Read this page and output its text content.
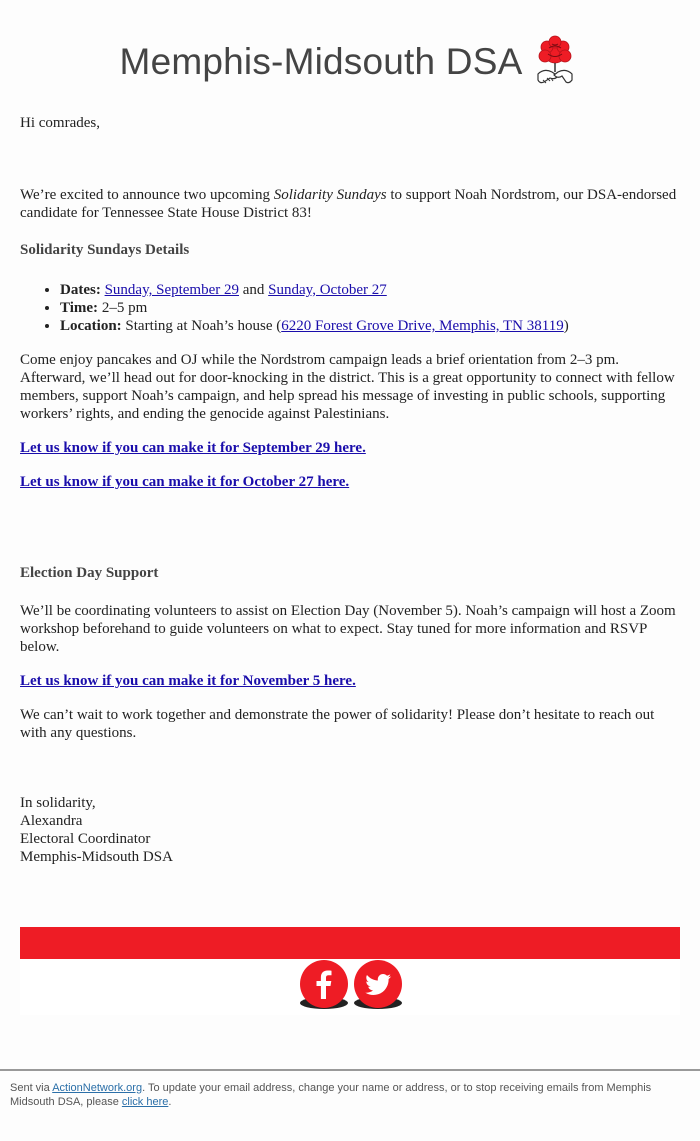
Memphis-Midsouth DSA

Hi comrades,

We’re excited to announce two upcoming Solidarity Sundays to support Noah Nordstrom, our DSA-endorsed candidate for Tennessee State House District 83!

Solidarity Sundays Details
• Dates: Sunday, September 29 and Sunday, October 27
• Time: 2–5 pm
• Location: Starting at Noah’s house (6220 Forest Grove Drive, Memphis, TN 38119)

Come enjoy pancakes and OJ while the Nordstrom campaign leads a brief orientation from 2–3 pm. Afterward, we’ll head out for door-knocking in the district. This is a great opportunity to connect with fellow members, support Noah’s campaign, and help spread his message of investing in public schools, supporting workers’ rights, and ending the genocide against Palestinians.

Let us know if you can make it for September 29 here.

Let us know if you can make it for October 27 here.

Election Day Support

We’ll be coordinating volunteers to assist on Election Day (November 5). Noah’s campaign will host a Zoom workshop beforehand to guide volunteers on what to expect. Stay tuned for more information and RSVP below.

Let us know if you can make it for November 5 here.

We can’t wait to work together and demonstrate the power of solidarity! Please don’t hesitate to reach out with any questions.

In solidarity,
Alexandra
Electoral Coordinator
Memphis-Midsouth DSA

Sent via ActionNetwork.org. To update your email address, change your name or address, or to stop receiving emails from Memphis Midsouth DSA, please click here.
